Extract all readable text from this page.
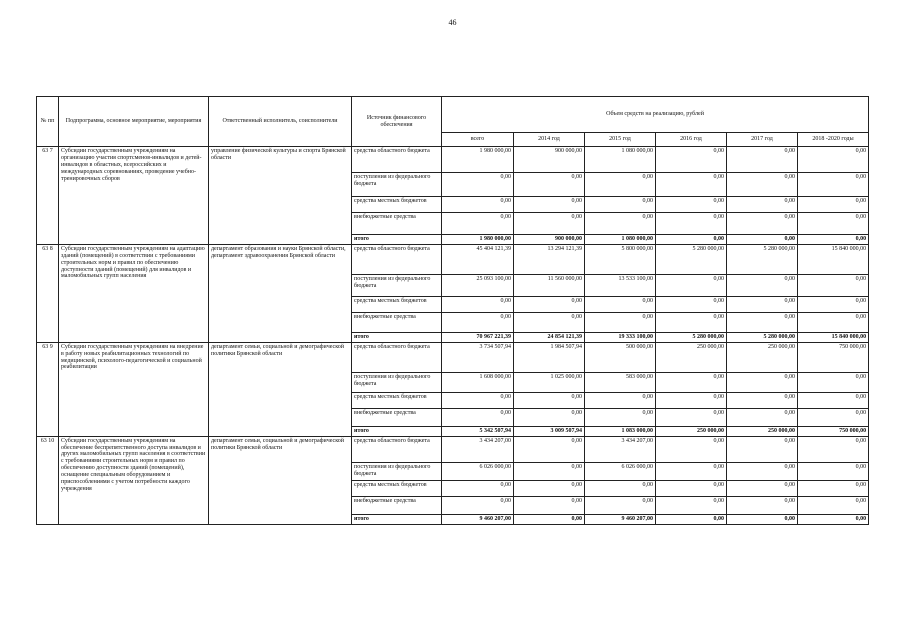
46
№ пп	Подпрограмма, основное мероприятие, мероприятия	Ответственный исполнитель, соисполнители	Источник финансового обеспечения	Объем средств на реализацию, рублей					
				всего	2014 год	2015 год	2016 год	2017 год	2018 -2020 годы
63 7	Субсидии государственным учреждениям на организацию участия спортсменов-инвалидов и детей-инвалидов в областных, всероссийских и международных соревнованиях, проведение учебно-тренировочных сборов	управление физической культуры и спорта Брянской области	средства областного бюджета	1 980 000,00	900 000,00	1 080 000,00	0,00	0,00	0,00
			поступления из федерального бюджета	0,00	0,00	0,00	0,00	0,00	0,00
			средства местных бюджетов	0,00	0,00	0,00	0,00	0,00	0,00
			внебюджетные средства	0,00	0,00	0,00	0,00	0,00	0,00
			итого	1 980 000,00	900 000,00	1 080 000,00	0,00	0,00	0,00
63 8	Субсидии государственным учреждениям на адаптацию зданий (помещений) в соответствии с требованиями строительных норм и правил по обеспечению доступности зданий (помещений) для инвалидов и маломобильных групп населения	департамент образования и науки Брянской области, департамент здравоохранения Брянской области	средства областного бюджета	45 404 121,39	13 294 121,39	5 800 000,00	5 280 000,00	5 280 000,00	15 840 000,00
			поступления из федерального бюджета	25 093 100,00	11 560 000,00	13 533 100,00	0,00	0,00	0,00
			средства местных бюджетов	0,00	0,00	0,00	0,00	0,00	0,00
			внебюджетные средства	0,00	0,00	0,00	0,00	0,00	0,00
			итого	70 967 221,39	24 854 121,39	19 333 100,00	5 280 000,00	5 280 000,00	15 840 000,00
63 9	Субсидии государственным учреждениям на внедрение в работу новых реабилитационных технологий по медицинской, психолого-педагогической и социальной реабилитации	департамент семьи, социальной и демографической политики Брянской области	средства областного бюджета	3 734 507,94	1 984 507,94	500 000,00	250 000,00	250 000,00	750 000,00
			поступления из федерального бюджета	1 608 000,00	1 025 000,00	583 000,00	0,00	0,00	0,00
			средства местных бюджетов	0,00	0,00	0,00	0,00	0,00	0,00
			внебюджетные средства	0,00	0,00	0,00	0,00	0,00	0,00
			итого	5 342 507,94	3 009 507,94	1 083 000,00	250 000,00	250 000,00	750 000,00
63 10	Субсидии государственным учреждениям на обеспечение беспрепятственного доступа инвалидов и других маломобильных групп населения в соответствии с требованиями строительных норм и правил по обеспечению доступности зданий (помещений), оснащение специальным оборудованием и приспособлениями с учетом потребности каждого учреждения	департамент семьи, социальной и демографической политики Брянской области	средства областного бюджета	3 434 207,00	0,00	3 434 207,00	0,00	0,00	0,00
			поступления из федерального бюджета	6 026 000,00	0,00	6 026 000,00	0,00	0,00	0,00
			средства местных бюджетов	0,00	0,00	0,00	0,00	0,00	0,00
			внебюджетные средства	0,00	0,00	0,00	0,00	0,00	0,00
			итого	9 460 207,00	0,00	9 460 207,00	0,00	0,00	0,00
